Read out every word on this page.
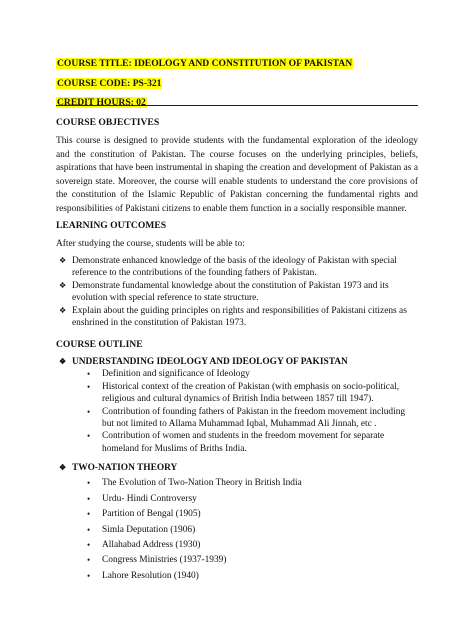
COURSE TITLE: IDEOLOGY AND CONSTITUTION OF PAKISTAN
COURSE CODE: PS-321
CREDIT HOURS: 02
COURSE OBJECTIVES

This course is designed to provide students with the fundamental exploration of the ideology and the constitution of Pakistan. The course focuses on the underlying principles, beliefs, aspirations that have been instrumental in shaping the creation and development of Pakistan as a sovereign state. Moreover, the course will enable students to understand the core provisions of the constitution of the Islamic Republic of Pakistan concerning the fundamental rights and responsibilities of Pakistani citizens to enable them function in a socially responsible manner.

LEARNING OUTCOMES

After studying the course, students will be able to:

❖ Demonstrate enhanced knowledge of the basis of the ideology of Pakistan with special reference to the contributions of the founding fathers of Pakistan.

❖ Demonstrate fundamental knowledge about the constitution of Pakistan 1973 and its evolution with special reference to state structure.

❖ Explain about the guiding principles on rights and responsibilities of Pakistani citizens as enshrined in the constitution of Pakistan 1973.

COURSE OUTLINE

❖ UNDERSTANDING IDEOLOGY AND IDEOLOGY OF PAKISTAN

• Definition and significance of Ideology

• Historical context of the creation of Pakistan (with emphasis on socio-political, religious and cultural dynamics of British India between 1857 till 1947).

• Contribution of founding fathers of Pakistan in the freedom movement including but not limited to Allama Muhammad Iqbal, Muhammad Ali Jinnah, etc .

• Contribution of women and students in the freedom movement for separate homeland for Muslims of Briths India.

❖ TWO-NATION THEORY

• The Evolution of Two-Nation Theory in British India

• Urdu- Hindi Controversy

• Partition of Bengal (1905)

• Simla Deputation (1906)

• Allahabad Address (1930)

• Congress Ministries (1937-1939)

• Lahore Resolution (1940)
